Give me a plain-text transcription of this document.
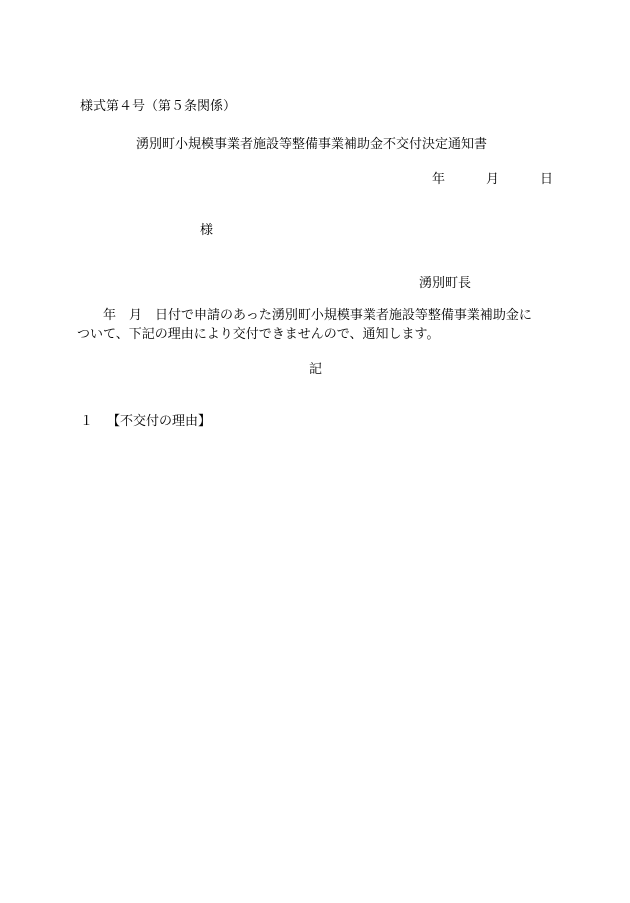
様式第４号（第５条関係）
湧別町小規模事業者施設等整備事業補助金不交付決定通知書
年	月	日
様
湧別町長
　　年　月　日付で申請のあった湧別町小規模事業者施設等整備事業補助金に
ついて、下記の理由により交付できませんので、通知します。
記
１ 【不交付の理由】
